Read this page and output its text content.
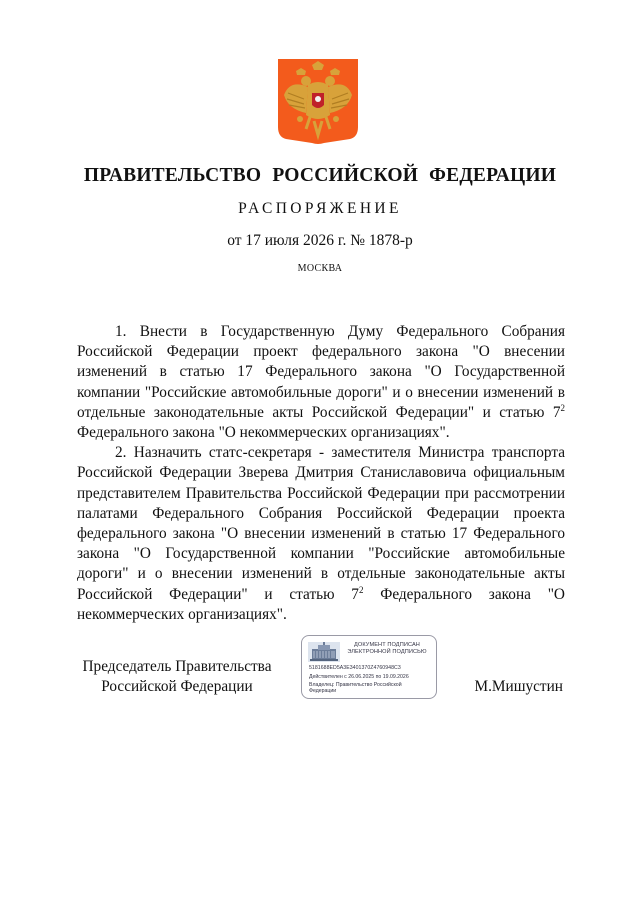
ПРАВИТЕЛЬСТВО РОССИЙСКОЙ ФЕДЕРАЦИИ
РАСПОРЯЖЕНИЕ
от 17 июля 2026 г. № 1878-р
МОСКВА

1. Внести в Государственную Думу Федерального Собрания Российской Федерации проект федерального закона "О внесении изменений в статью 17 Федерального закона "О Государственной компании "Российские автомобильные дороги" и о внесении изменений в отдельные законодательные акты Российской Федерации" и статью $7^2$ Федерального закона "О некоммерческих организациях".

2. Назначить статс-секретаря - заместителя Министра транспорта Российской Федерации Зверева Дмитрия Станиславовича официальным представителем Правительства Российской Федерации при рассмотрении палатами Федерального Собрания Российской Федерации проекта федерального закона "О внесении изменений в статью 17 Федерального закона "О Государственной компании "Российские автомобильные дороги" и о внесении изменений в отдельные законодательные акты Российской Федерации" и статью $7^2$ Федерального закона "О некоммерческих организациях".

Председатель Правительства
Российской Федерации
ДОКУМЕНТ ПОДПИСАН
ЭЛЕКТРОННОЙ ПОДПИСЬЮ
5181688ED5A3E3401370Z4760948C3
Действителен с 26.06.2025 по 19.09.2026
Владелец: Правительство Российской Федерации	М.Мишустин
